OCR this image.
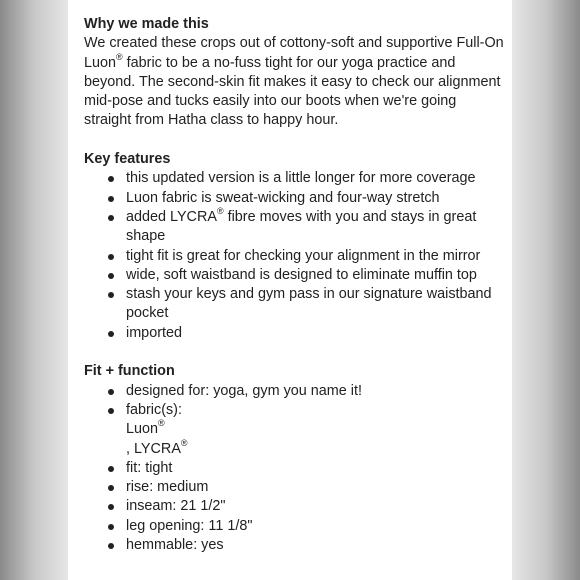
Why we made this

We created these crops out of cottony-soft and supportive Full-On Luon® fabric to be a no-fuss tight for our yoga practice and beyond. The second-skin fit makes it easy to check our alignment mid-pose and tucks easily into our boots when we're going straight from Hatha class to happy hour.

Key features

this updated version is a little longer for more coverage
Luon fabric is sweat-wicking and four-way stretch
added LYCRA® fibre moves with you and stays in great shape
tight fit is great for checking your alignment in the mirror
wide, soft waistband is designed to eliminate muffin top
stash your keys and gym pass in our signature waistband pocket
imported

Fit + function

designed for: yoga, gym you name it!
fabric(s):
Luon®
, LYCRA®
fit: tight
rise: medium
inseam: 21 1/2"
leg opening: 11 1/8"
hemmable: yes
